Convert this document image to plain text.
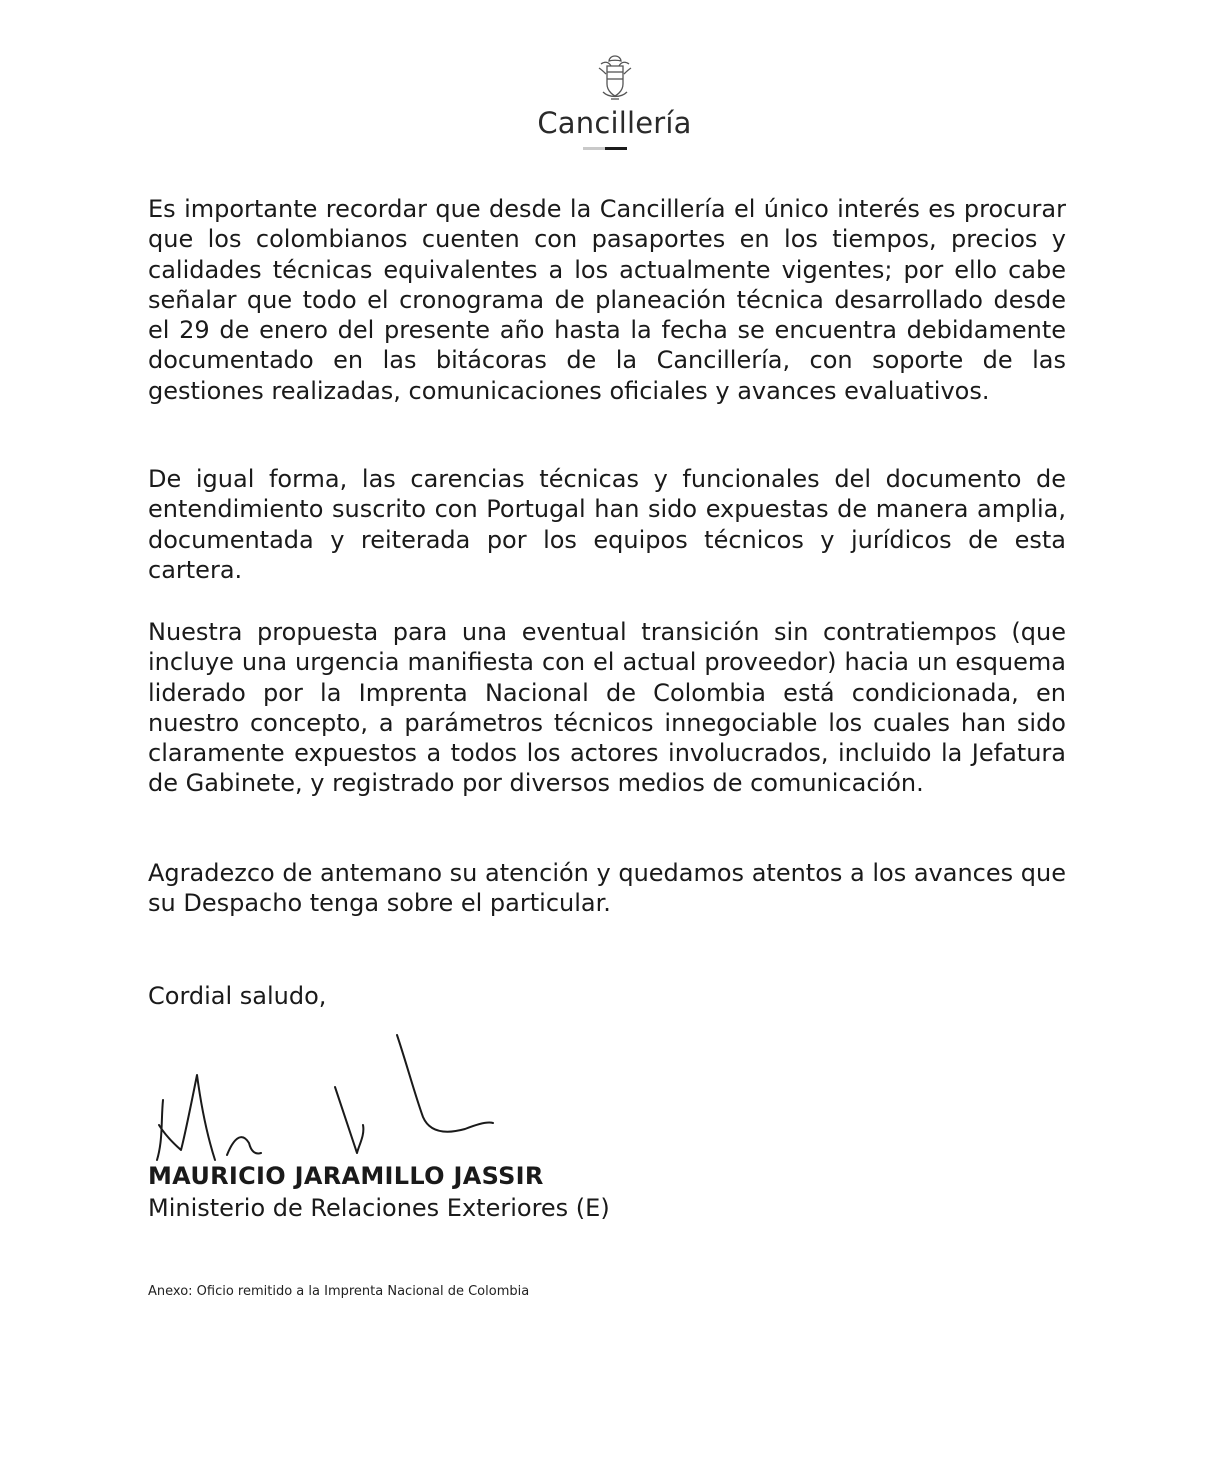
Cancillería

Es importante recordar que desde la Cancillería el único interés es procurar que los colombianos cuenten con pasaportes en los tiempos, precios y calidades técnicas equivalentes a los actualmente vigentes; por ello cabe señalar que todo el cronograma de planeación técnica desarrollado desde el 29 de enero del presente año hasta la fecha se encuentra debidamente documentado en las bitácoras de la Cancillería, con soporte de las gestiones realizadas, comunicaciones oficiales y avances evaluativos.

De igual forma, las carencias técnicas y funcionales del documento de entendimiento suscrito con Portugal han sido expuestas de manera amplia, documentada y reiterada por los equipos técnicos y jurídicos de esta cartera.

Nuestra propuesta para una eventual transición sin contratiempos (que incluye una urgencia manifiesta con el actual proveedor) hacia un esquema liderado por la Imprenta Nacional de Colombia está condicionada, en nuestro concepto, a parámetros técnicos innegociable los cuales han sido claramente expuestos a todos los actores involucrados, incluido la Jefatura de Gabinete, y registrado por diversos medios de comunicación.

Agradezco de antemano su atención y quedamos atentos a los avances que su Despacho tenga sobre el particular.

Cordial saludo,

MAURICIO JARAMILLO JASSIR

Ministerio de Relaciones Exteriores (E)

Anexo: Oficio remitido a la Imprenta Nacional de Colombia
